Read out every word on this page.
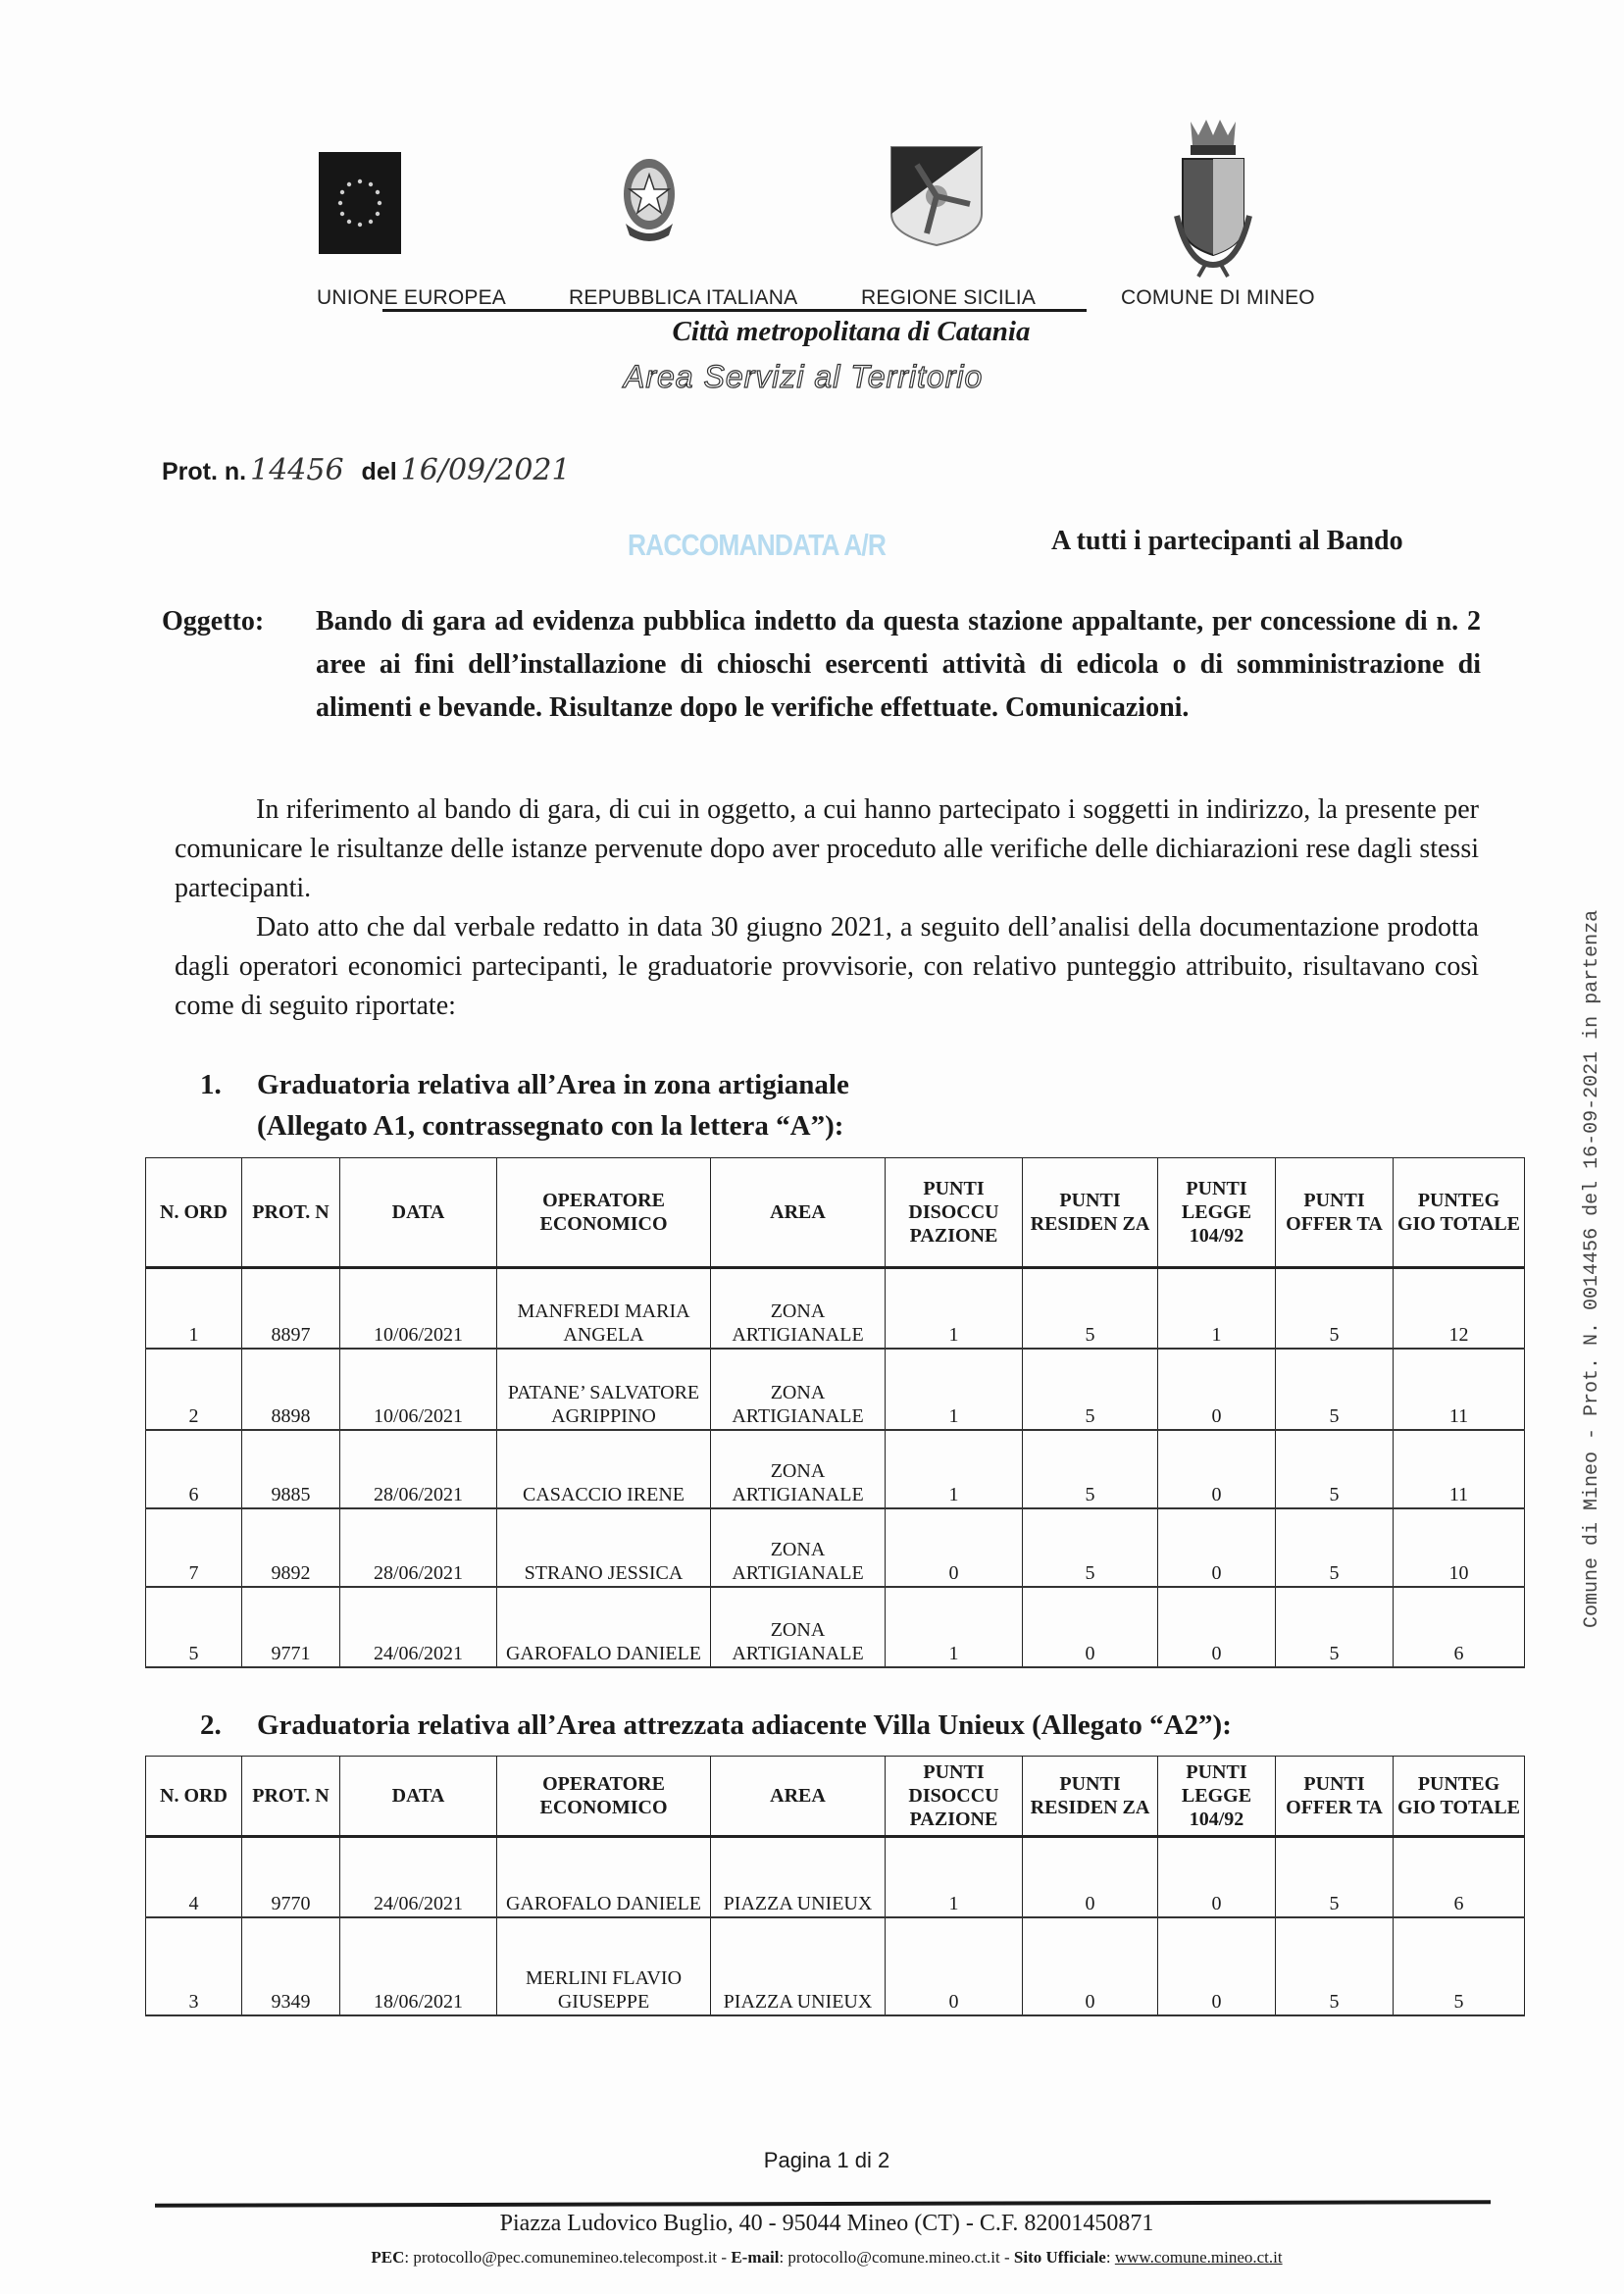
UNIONE EUROPEA	REPUBBLICA ITALIANA	REGIONE SICILIA	COMUNE DI MINEO
Città metropolitana di Catania
Area Servizi al Territorio
Prot. n. 14456 del 16/09/2021
RACCOMANDATA A/R	A tutti i partecipanti al Bando
Oggetto: Bando di gara ad evidenza pubblica indetto da questa stazione appaltante, per concessione di n. 2 aree ai fini dell’installazione di chioschi esercenti attività di edicola o di somministrazione di alimenti e bevande. Risultanze dopo le verifiche effettuate. Comunicazioni.
In riferimento al bando di gara, di cui in oggetto, a cui hanno partecipato i soggetti in indirizzo, la presente per comunicare le risultanze delle istanze pervenute dopo aver proceduto alle verifiche delle dichiarazioni rese dagli stessi partecipanti.
Dato atto che dal verbale redatto in data 30 giugno 2021, a seguito dell’analisi della documentazione prodotta dagli operatori economici partecipanti, le graduatorie provvisorie, con relativo punteggio attribuito, risultavano così come di seguito riportate:
1. Graduatoria relativa all’Area in zona artigianale
(Allegato A1, contrassegnato con la lettera “A”):
N. ORD	PROT. N	DATA	OPERATORE ECONOMICO	AREA	PUNTI DISOCCU PAZIONE	PUNTI RESIDEN ZA	PUNTI LEGGE 104/92	PUNTI OFFER TA	PUNTEG GIO TOTALE
1	8897	10/06/2021	MANFREDI MARIA ANGELA	ZONA ARTIGIANALE	1	5	1	5	12
2	8898	10/06/2021	PATANE’ SALVATORE AGRIPPINO	ZONA ARTIGIANALE	1	5	0	5	11
6	9885	28/06/2021	CASACCIO IRENE	ZONA ARTIGIANALE	1	5	0	5	11
7	9892	28/06/2021	STRANO JESSICA	ZONA ARTIGIANALE	0	5	0	5	10
5	9771	24/06/2021	GAROFALO DANIELE	ZONA ARTIGIANALE	1	0	0	5	6
2. Graduatoria relativa all’Area attrezzata adiacente Villa Unieux (Allegato “A2”):
N. ORD	PROT. N	DATA	OPERATORE ECONOMICO	AREA	PUNTI DISOCCU PAZIONE	PUNTI RESIDEN ZA	PUNTI LEGGE 104/92	PUNTI OFFER TA	PUNTEG GIO TOTALE
4	9770	24/06/2021	GAROFALO DANIELE	PIAZZA UNIEUX	1	0	0	5	6
3	9349	18/06/2021	MERLINI FLAVIO GIUSEPPE	PIAZZA UNIEUX	0	0	0	5	5
Pagina 1 di 2
Piazza Ludovico Buglio, 40 - 95044 Mineo (CT) - C.F. 82001450871
PEC: protocollo@pec.comunemineo.telecompost.it - E-mail: protocollo@comune.mineo.ct.it - Sito Ufficiale: www.comune.mineo.ct.it
Comune di Mineo - Prot. N. 0014456 del 16-09-2021 in partenza
